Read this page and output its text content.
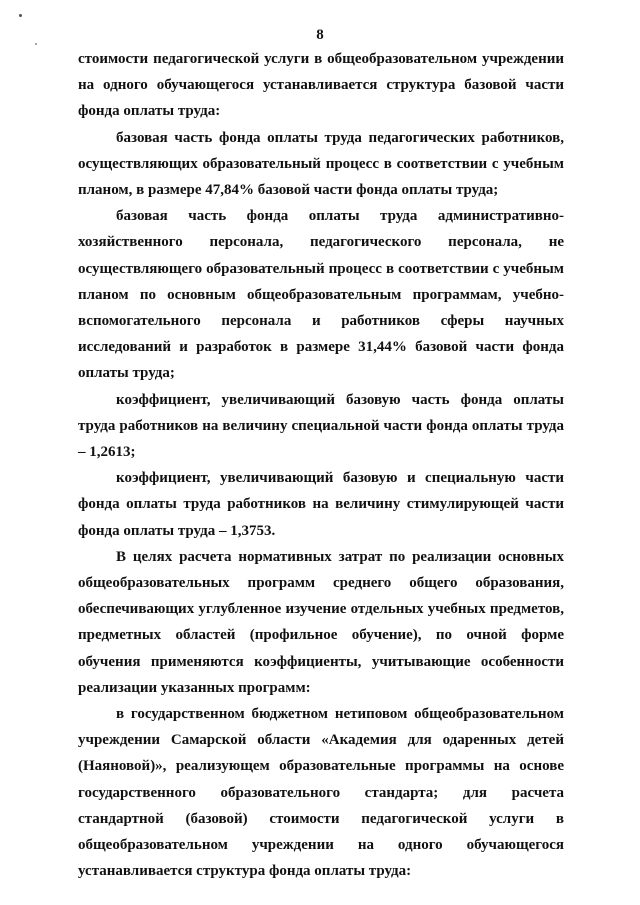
8

стоимости педагогической услуги в общеобразовательном учреждении на одного обучающегося устанавливается структура базовой части фонда оплаты труда:

базовая часть фонда оплаты труда педагогических работников, осуществляющих образовательный процесс в соответствии с учебным планом, в размере 47,84% базовой части фонда оплаты труда;

базовая часть фонда оплаты труда административно-хозяйственного персонала, педагогического персонала, не осуществляющего образовательный процесс в соответствии с учебным планом по основным общеобразовательным программам, учебно-вспомогательного персонала и работников сферы научных исследований и разработок в размере 31,44% базовой части фонда оплаты труда;

коэффициент, увеличивающий базовую часть фонда оплаты труда работников на величину специальной части фонда оплаты труда – 1,2613;

коэффициент, увеличивающий базовую и специальную части фонда оплаты труда работников на величину стимулирующей части фонда оплаты труда – 1,3753.

В целях расчета нормативных затрат по реализации основных общеобразовательных программ среднего общего образования, обеспечивающих углубленное изучение отдельных учебных предметов, предметных областей (профильное обучение), по очной форме обучения применяются коэффициенты, учитывающие особенности реализации указанных программ:

в государственном бюджетном нетиповом общеобразовательном учреждении Самарской области «Академия для одаренных детей (Наяновой)», реализующем образовательные программы на основе государственного образовательного стандарта; для расчета стандартной (базовой) стоимости педагогической услуги в общеобразовательном учреждении на одного обучающегося устанавливается структура фонда оплаты труда:
